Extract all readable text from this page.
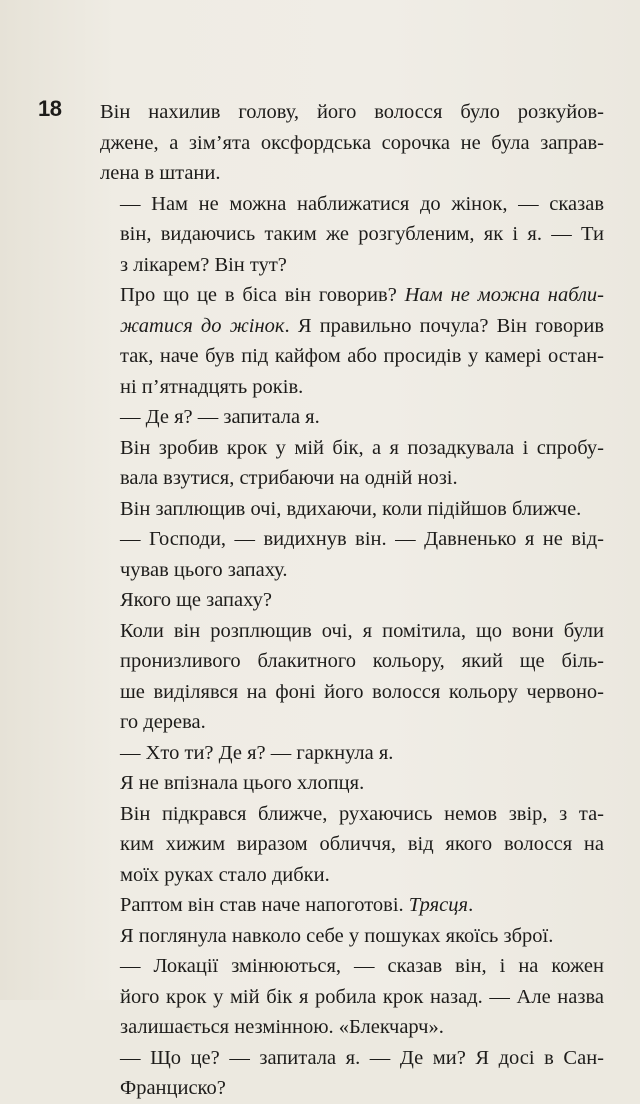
18 Він нахилив голову, його волосся було розкуйов-
джене, а зім’ята оксфордська сорочка не була заправ-
лена в штани.

— Нам не можна наближатися до жінок, — сказав
він, видаючись таким же розгубленим, як і я. — Ти
з лікарем? Він тут?

Про що це в біса він говорив? Нам не можна набли-
жатися до жінок. Я правильно почула? Він говорив
так, наче був під кайфом або просидів у камері остан-
ні п’ятнадцять років.

— Де я? — запитала я.

Він зробив крок у мій бік, а я позадкувала і спробу-
вала взутися, стрибаючи на одній нозі.

Він заплющив очі, вдихаючи, коли підійшов ближче.

— Господи, — видихнув він. — Давненько я не від-
чував цього запаху.

Якого ще запаху?

Коли він розплющив очі, я помітила, що вони були
пронизливого блакитного кольору, який ще біль-
ше виділявся на фоні його волосся кольору червоно-
го дерева.

— Хто ти? Де я? — гаркнула я.

Я не впізнала цього хлопця.

Він підкрався ближче, рухаючись немов звір, з та-
ким хижим виразом обличчя, від якого волосся на
моїх руках стало дибки.

Раптом він став наче напоготові. Трясця.

Я поглянула навколо себе у пошуках якоїсь зброї.

— Локації змінюються, — сказав він, і на кожен
його крок у мій бік я робила крок назад. — Але назва
залишається незмінною. «Блекчарч».

— Що це? — запитала я. — Де ми? Я досі в Сан-
Франциско?
